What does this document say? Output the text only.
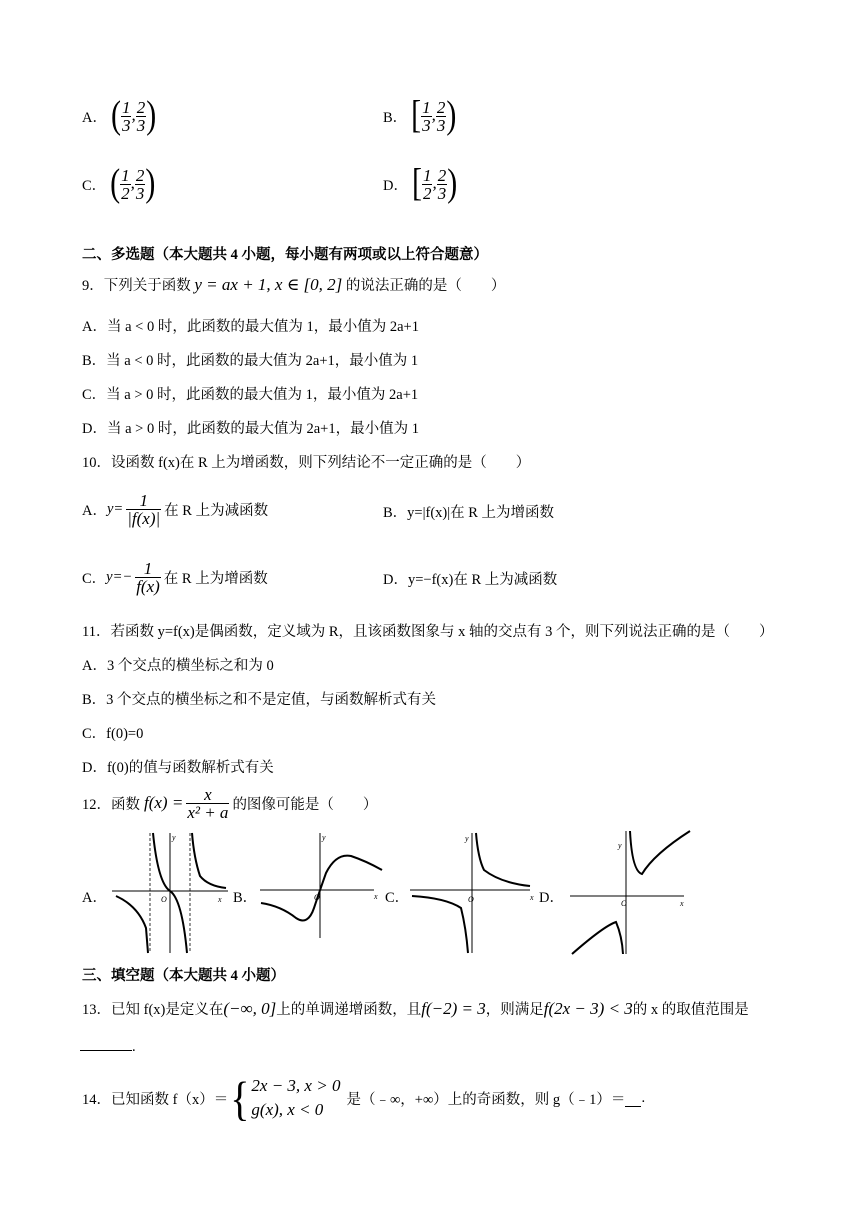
A． ( $\frac{1}{3}$ , $\frac{2}{3}$ )	B． [ $\frac{1}{3}$ , $\frac{2}{3}$ )
C． ( $\frac{1}{2}$ , $\frac{2}{3}$ )	D． [ $\frac{1}{2}$ , $\frac{2}{3}$ )
二、多选题（本大题共 4 小题，每小题有两项或以上符合题意）
9．下列关于函数 y = ax + 1, x ∈ [0, 2] 的说法正确的是（　　）
A．当 a < 0 时，此函数的最大值为 1，最小值为 2a+1
B．当 a < 0 时，此函数的最大值为 2a+1，最小值为 1
C．当 a > 0 时，此函数的最大值为 1，最小值为 2a+1
D．当 a > 0 时，此函数的最大值为 2a+1，最小值为 1
10．设函数 f(x)在 R 上为增函数，则下列结论不一定正确的是（　　）
A． $y= \frac{1}{|f(x)|}$ 在 R 上为减函数	B．y=|f(x)|在 R 上为增函数
C． $y=- \frac{1}{f(x)}$ 在 R 上为增函数	D．y=−f(x)在 R 上为减函数
11．若函数 y=f(x)是偶函数，定义域为 R，且该函数图象与 x 轴的交点有 3 个，则下列说法正确的是（　　）
A．3 个交点的横坐标之和为 0
B．3 个交点的横坐标之和不是定值，与函数解析式有关
C．f(0)=0
D．f(0)的值与函数解析式有关
12．函数 $f(x) = \frac{x}{\text{x² + a}}$ 的图像可能是（　　）
A．	B．	C．	D．
y
x
O
y
x
O
y
x
O
y
x
O
三、填空题（本大题共 4 小题）
13．已知 f(x)是定义在(−∞, 0]上的单调递增函数，且f(−2) = 3，则满足f(2x − 3) < 3的 x 的取值范围是
.
14．已知函数 f（x）＝ { 2x − 3, x > 0
g(x), x < 0
是（﹣∞，+∞）上的奇函数，则 g（﹣1）＝ .
